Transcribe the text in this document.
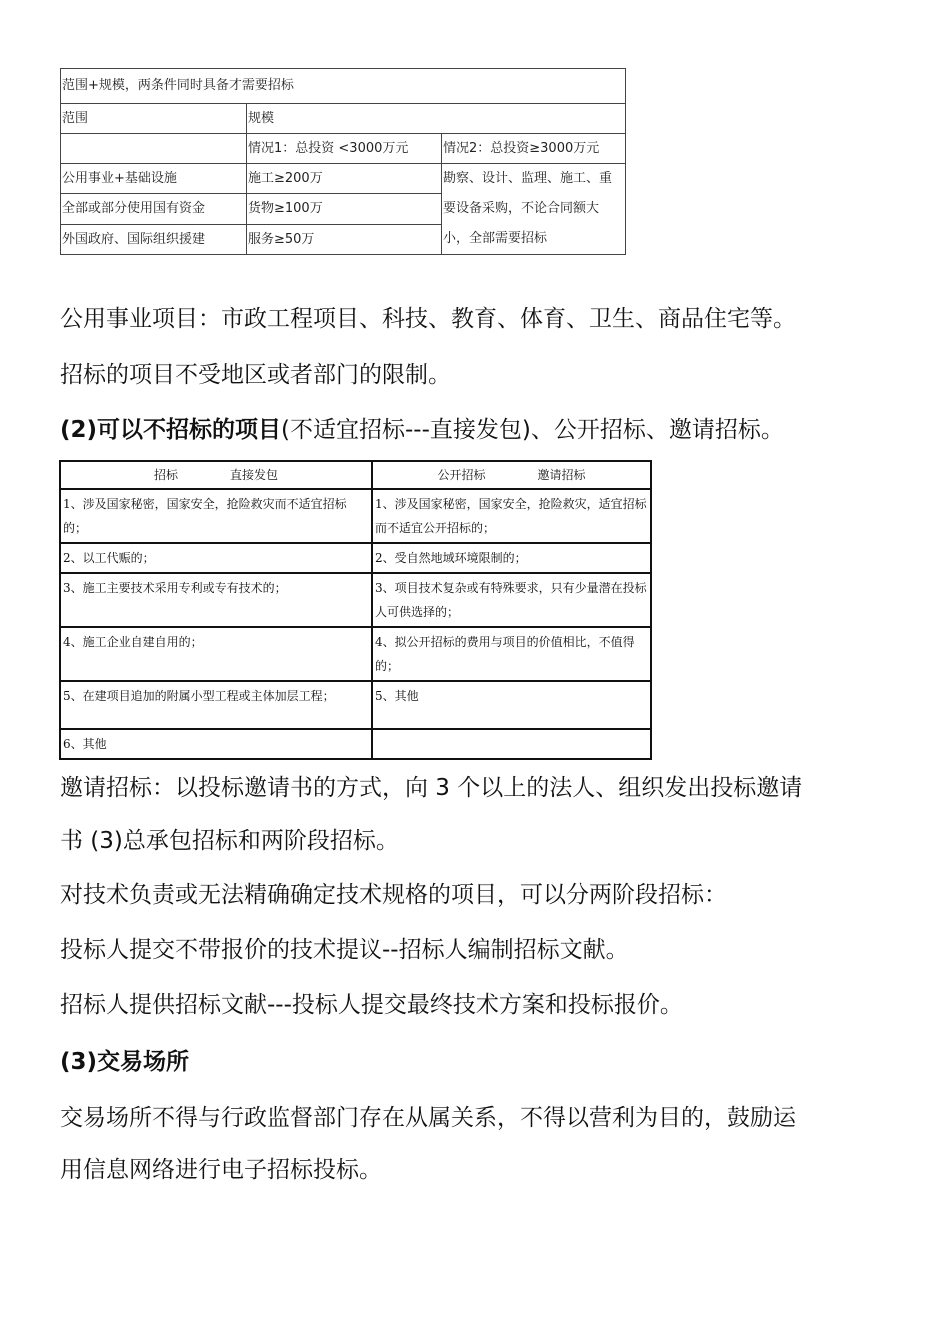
范围+规模，两条件同时具备才需要招标		
范围	规模	
	情况1：总投资 <3000万元	情况2：总投资≥3000万元
公用事业+基础设施	施工≥200万	勘察、设计、监理、施工、重要设备采购，不论合同额大小，全部需要招标
全部或部分使用国有资金	货物≥100万	
外国政府、国际组织援建	服务≥50万	
公用事业项目：市政工程项目、科技、教育、体育、卫生、商品住宅等。
招标的项目不受地区或者部门的限制。
(2)可以不招标的项目(不适宜招标---直接发包)、公开招标、邀请招标。
招标 直接发包	公开招标 邀请招标
1、涉及国家秘密，国家安全，抢险救灾而不适宜招标的；	1、涉及国家秘密，国家安全，抢险救灾，适宜招标而不适宜公开招标的；
2、以工代赈的；	2、受自然地域环境限制的；
3、施工主要技术采用专利或专有技术的；	3、项目技术复杂或有特殊要求，只有少量潜在投标人可供选择的；
4、施工企业自建自用的；	4、拟公开招标的费用与项目的价值相比，不值得的；
5、在建项目追加的附属小型工程或主体加层工程；	5、其他
6、其他	
邀请招标：以投标邀请书的方式，向 3 个以上的法人、组织发出投标邀请
书 (3)总承包招标和两阶段招标。
对技术负责或无法精确确定技术规格的项目，可以分两阶段招标：
投标人提交不带报价的技术提议--招标人编制招标文献。
招标人提供招标文献---投标人提交最终技术方案和投标报价。
(3)交易场所
交易场所不得与行政监督部门存在从属关系，不得以营利为目的，鼓励运
用信息网络进行电子招标投标。
